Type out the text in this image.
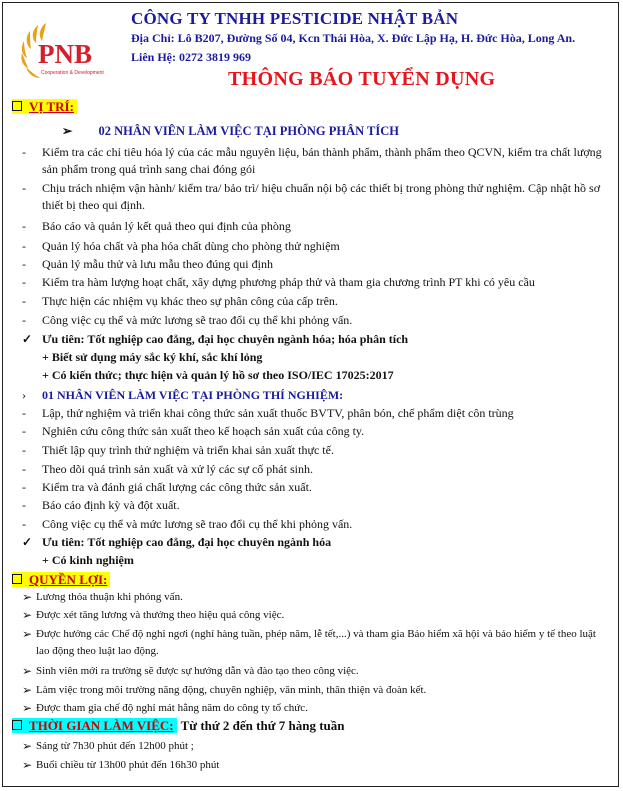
PNB
Cooperation & Development
CÔNG TY TNHH PESTICIDE NHẬT BẢN
Địa Chỉ: Lô B207, Đường Số 04, Kcn Thái Hòa, X. Đức Lập Hạ, H. Đức Hòa, Long An.
Liên Hệ: 0272 3819 969
THÔNG BÁO TUYỂN DỤNG
VỊ TRÍ:
➢ 02 NHÂN VIÊN LÀM VIỆC TẠI PHÒNG PHÂN TÍCH
- Kiểm tra các chỉ tiêu hóa lý của các mẫu nguyên liệu, bán thành phẩm, thành phẩm theo QCVN, kiểm tra chất lượng sản phẩm trong quá trình sang chai đóng gói
- Chịu trách nhiệm vận hành/ kiểm tra/ bảo trì/ hiệu chuẩn nội bộ các thiết bị trong phòng thử nghiệm. Cập nhật hồ sơ thiết bị theo qui định.
- Báo cáo và quản lý kết quả theo qui định của phòng
- Quản lý hóa chất và pha hóa chất dùng cho phòng thử nghiệm
- Quản lý mẫu thử và lưu mẫu theo đúng qui định
- Kiểm tra hàm lượng hoạt chất, xây dựng phương pháp thử và tham gia chương trình PT khi có yêu cầu
- Thực hiện các nhiệm vụ khác theo sự phân công của cấp trên.
- Công việc cụ thể và mức lương sẽ trao đổi cụ thể khi phỏng vấn.
✓ Ưu tiên: Tốt nghiệp cao đẳng, đại học chuyên ngành hóa; hóa phân tích
+ Biết sử dụng máy sắc ký khí, sắc khí lỏng
+ Có kiến thức; thực hiện và quản lý hồ sơ theo ISO/IEC 17025:2017
› 01 NHÂN VIÊN LÀM VIỆC TẠI PHÒNG THÍ NGHIỆM:
- Lập, thử nghiệm và triển khai công thức sản xuất thuốc BVTV, phân bón, chế phẩm diệt côn trùng
- Nghiên cứu công thức sản xuất theo kế hoạch sản xuất của công ty.
- Thiết lập quy trình thử nghiệm và triển khai sản xuất thực tế.
- Theo dõi quá trình sản xuất và xử lý các sự cố phát sinh.
- Kiểm tra và đánh giá chất lượng các công thức sản xuất.
- Báo cáo định kỳ và đột xuất.
- Công việc cụ thể và mức lương sẽ trao đổi cụ thể khi phỏng vấn.
✓ Ưu tiên: Tốt nghiệp cao đẳng, đại học chuyên ngành hóa
+ Có kinh nghiệm
QUYỀN LỢI:
➢ Lương thỏa thuận khi phỏng vấn.
➢ Được xét tăng lương và thưởng theo hiệu quả công việc.
➢ Được hưởng các Chế độ nghỉ ngơi (nghỉ hàng tuần, phép năm, lễ tết,...) và tham gia Bảo hiểm xã hội và bảo hiểm y tế theo luật lao động theo luật lao động.
➢ Sinh viên mới ra trường sẽ được sự hướng dẫn và đào tạo theo công việc.
➢ Làm việc trong môi trường năng động, chuyên nghiệp, văn minh, thân thiện và đoàn kết.
➢ Được tham gia chế độ nghỉ mát hằng năm do công ty tổ chức.
THỜI GIAN LÀM VIỆC: Từ thứ 2 đến thứ 7 hàng tuần
➢ Sáng từ 7h30 phút đến 12h00 phút ;
➢ Buổi chiều từ 13h00 phút đến 16h30 phút
